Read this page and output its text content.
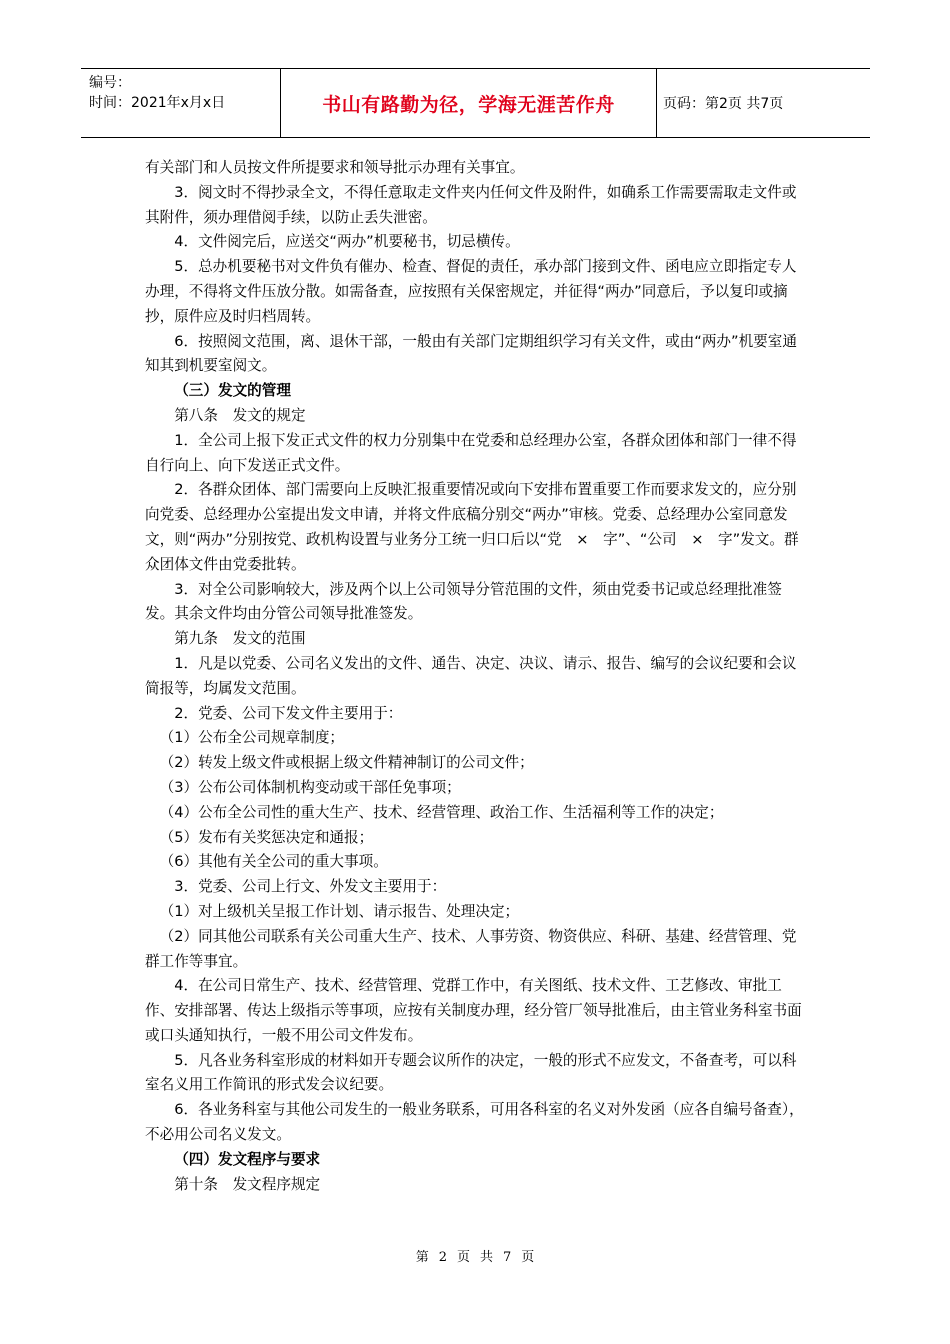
编号：
时间：2021年x月x日	书山有路勤为径，学海无涯苦作舟	页码：第2页 共7页

有关部门和人员按文件所提要求和领导批示办理有关事宜。

3．阅文时不得抄录全文，不得任意取走文件夹内任何文件及附件，如确系工作需要需取走文件或其附件，须办理借阅手续，以防止丢失泄密。

4．文件阅完后，应送交“两办”机要秘书，切忌横传。

5．总办机要秘书对文件负有催办、检查、督促的责任，承办部门接到文件、函电应立即指定专人办理，不得将文件压放分散。如需备查，应按照有关保密规定，并征得“两办”同意后，予以复印或摘抄，原件应及时归档周转。

6．按照阅文范围，离、退休干部，一般由有关部门定期组织学习有关文件，或由“两办”机要室通知其到机要室阅文。

（三）发文的管理

第八条　发文的规定

1．全公司上报下发正式文件的权力分别集中在党委和总经理办公室，各群众团体和部门一律不得自行向上、向下发送正式文件。

2．各群众团体、部门需要向上反映汇报重要情况或向下安排布置重要工作而要求发文的，应分别向党委、总经理办公室提出发文申请，并将文件底稿分别交“两办”审核。党委、总经理办公室同意发文，则“两办”分别按党、政机构设置与业务分工统一归口后以“党　×　字”、“公司　×　字”发文。群众团体文件由党委批转。

3．对全公司影响较大，涉及两个以上公司领导分管范围的文件，须由党委书记或总经理批准签发。其余文件均由分管公司领导批准签发。

第九条　发文的范围

1．凡是以党委、公司名义发出的文件、通告、决定、决议、请示、报告、编写的会议纪要和会议简报等，均属发文范围。

2．党委、公司下发文件主要用于：

（1）公布全公司规章制度；

（2）转发上级文件或根据上级文件精神制订的公司文件；

（3）公布公司体制机构变动或干部任免事项；

（4）公布全公司性的重大生产、技术、经营管理、政治工作、生活福利等工作的决定；

（5）发布有关奖惩决定和通报；

（6）其他有关全公司的重大事项。

3．党委、公司上行文、外发文主要用于：

（1）对上级机关呈报工作计划、请示报告、处理决定；

（2）同其他公司联系有关公司重大生产、技术、人事劳资、物资供应、科研、基建、经营管理、党群工作等事宜。

4．在公司日常生产、技术、经营管理、党群工作中，有关图纸、技术文件、工艺修改、审批工作、安排部署、传达上级指示等事项，应按有关制度办理，经分管厂领导批准后，由主管业务科室书面或口头通知执行，一般不用公司文件发布。

5．凡各业务科室形成的材料如开专题会议所作的决定，一般的形式不应发文，不备查考，可以科室名义用工作简讯的形式发会议纪要。

6．各业务科室与其他公司发生的一般业务联系，可用各科室的名义对外发函（应各自编号备查），不必用公司名义发文。

（四）发文程序与要求

第十条　发文程序规定

第 2 页 共 7 页
